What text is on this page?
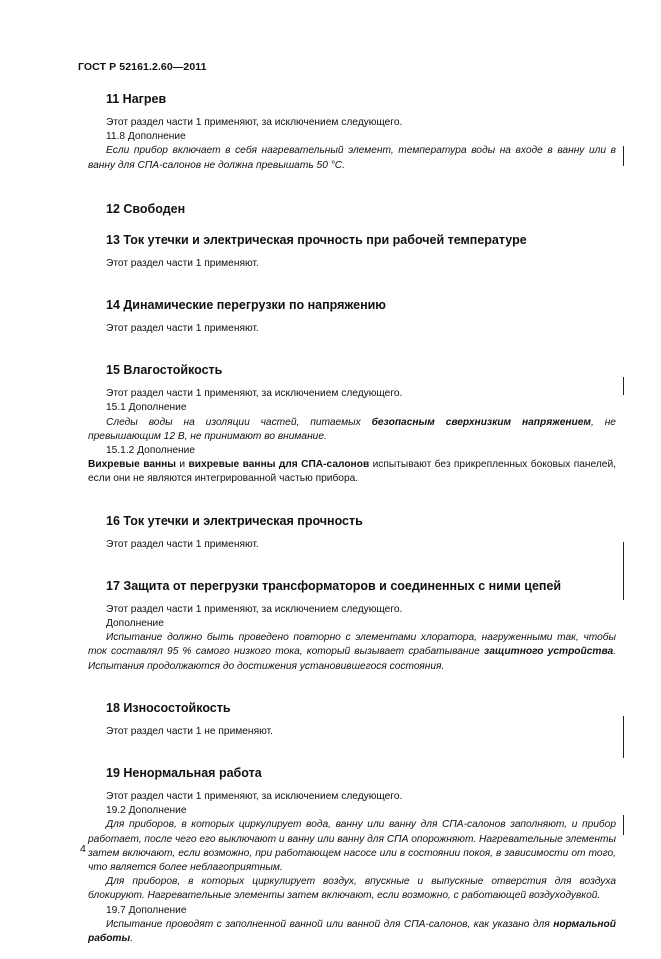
ГОСТ Р 52161.2.60—2011
11 Нагрев

Этот раздел части 1 применяют, за исключением следующего.

11.8 Дополнение

Если прибор включает в себя нагревательный элемент, температура воды на входе в ванну или в ванну для СПА-салонов не должна превышать 50 °С.

12 Свободен
13 Ток утечки и электрическая прочность при рабочей температуре

Этот раздел части 1 применяют.

14 Динамические перегрузки по напряжению

Этот раздел части 1 применяют.

15 Влагостойкость

Этот раздел части 1 применяют, за исключением следующего.

15.1 Дополнение

Следы воды на изоляции частей, питаемых безопасным сверхнизким напряжением, не превышающим 12 В, не принимают во внимание.

15.1.2 Дополнение

Вихревые ванны и вихревые ванны для СПА-салонов испытывают без прикрепленных боковых панелей, если они не являются интегрированной частью прибора.

16 Ток утечки и электрическая прочность

Этот раздел части 1 применяют.

17 Защита от перегрузки трансформаторов и соединенных с ними цепей

Этот раздел части 1 применяют, за исключением следующего.

Дополнение

Испытание должно быть проведено повторно с элементами хлоратора, нагруженными так, чтобы ток составлял 95 % самого низкого тока, который вызывает срабатывание защитного устройства. Испытания продолжаются до достижения установившегося состояния.

18 Износостойкость

Этот раздел части 1 не применяют.

19 Ненормальная работа

Этот раздел части 1 применяют, за исключением следующего.

19.2 Дополнение

Для приборов, в которых циркулирует вода, ванну или ванну для СПА-салонов заполняют, и прибор работает, после чего его выключают и ванну или ванну для СПА опорожняют. Нагревательные элементы затем включают, если возможно, при работающем насосе или в состоянии покоя, в зависимости от того, что является более неблагоприятным.

Для приборов, в которых циркулирует воздух, впускные и выпускные отверстия для воздуха блокируют. Нагревательные элементы затем включают, если возможно, с работающей воздуходувкой.

19.7 Дополнение

Испытание проводят с заполненной ванной или ванной для СПА-салонов, как указано для нормальной работы.

4
